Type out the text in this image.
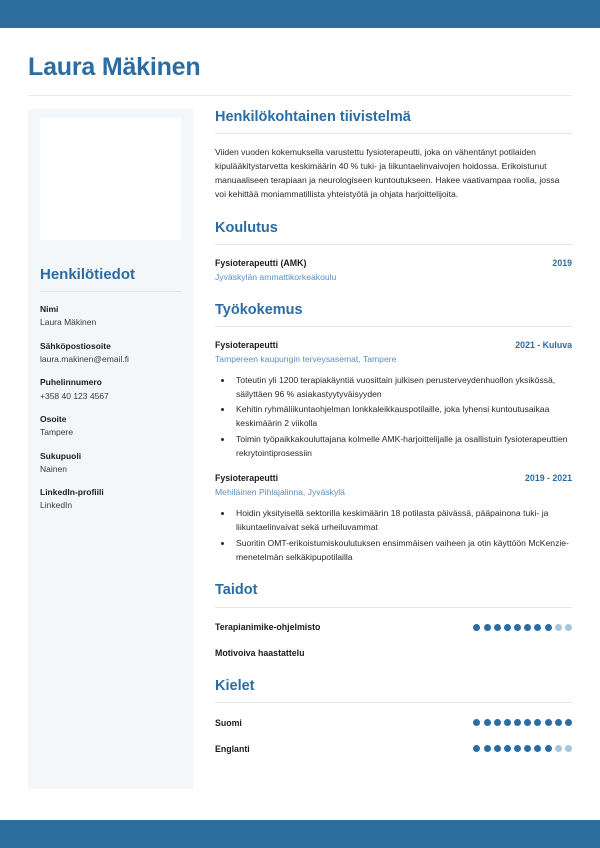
Laura Mäkinen
Henkilötiedot
Nimi
Laura Mäkinen
Sähköpostiosoite
laura.makinen@email.fi
Puhelinnumero
+358 40 123 4567
Osoite
Tampere
Sukupuoli
Nainen
LinkedIn-profiili
LinkedIn
Henkilökohtainen tiivistelmä
Viiden vuoden kokemuksella varustettu fysioterapeutti, joka on vähentänyt potilaiden kipulääkitystarvetta keskimäärin 40 % tuki- ja liikuntaelinvaivojen hoidossa. Erikoistunut manuaaliseen terapiaan ja neurologiseen kuntoutukseen. Hakee vaativampaa roolia, jossa voi kehittää moniammatillista yhteistyötä ja ohjata harjoittelijoita.
Koulutus
Fysioterapeutti (AMK)	2019
Jyväskylän ammattikorkeakoulu
Työkokemus
Fysioterapeutti	2021 - Kuluva
Tampereen kaupungin terveysasemat, Tampere
• Toteutin yli 1200 terapiakäyntiä vuosittain julkisen perusterveydenhuollon yksikössä, säilyttäen 96 % asiakastyytyväisyyden
• Kehitin ryhmäliikuntaohjelman lonkkaleikkauspotilaille, joka lyhensi kuntoutusaikaa keskimäärin 2 viikolla
• Toimin työpaikkakouluttajana kolmelle AMK-harjoittelijalle ja osallistuin fysioterapeuttien rekrytointiprosessiin
Fysioterapeutti	2019 - 2021
Mehiläinen Pihlajalinna, Jyväskylä
• Hoidin yksityisellä sektorilla keskimäärin 18 potilasta päivässä, pääpainona tuki- ja liikuntaelinvaivat sekä urheiluvammat
• Suoritin OMT-erikoistumiskoulutuksen ensimmäisen vaiheen ja otin käyttöön McKenzie-menetelmän selkäkipupotilailla
Taidot
Terapianimike-ohjelmisto
Motivoiva haastattelu
Kielet
Suomi
Englanti
